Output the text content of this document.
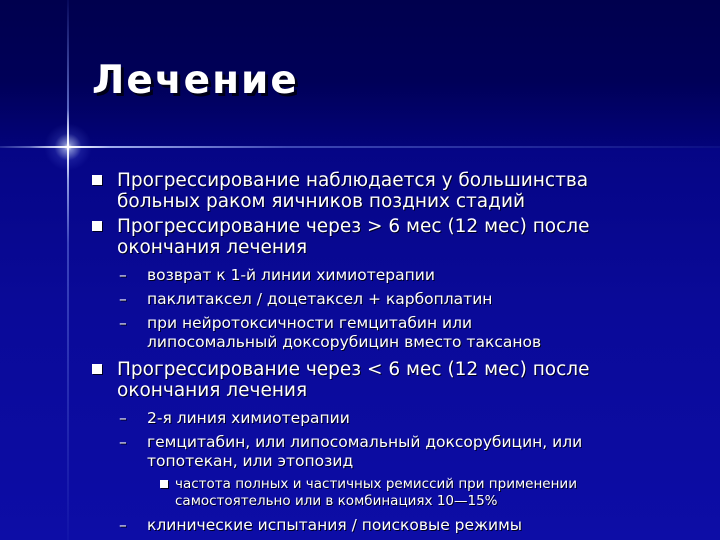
Лечение
Прогрессирование наблюдается у большинства
больных раком яичников поздних стадий
Прогрессирование через > 6 мес (12 мес) после
окончания лечения
– возврат к 1-й линии химиотерапии
– паклитаксел / доцетаксел + карбоплатин
– при нейротоксичности гемцитабин или
липосомальный доксорубицин вместо таксанов
Прогрессирование через < 6 мес (12 мес) после
окончания лечения
– 2-я линия химиотерапии
– гемцитабин, или липосомальный доксорубицин, или
топотекан, или этопозид
частота полных и частичных ремиссий при применении
самостоятельно или в комбинациях 10—15%
– клинические испытания / поисковые режимы
